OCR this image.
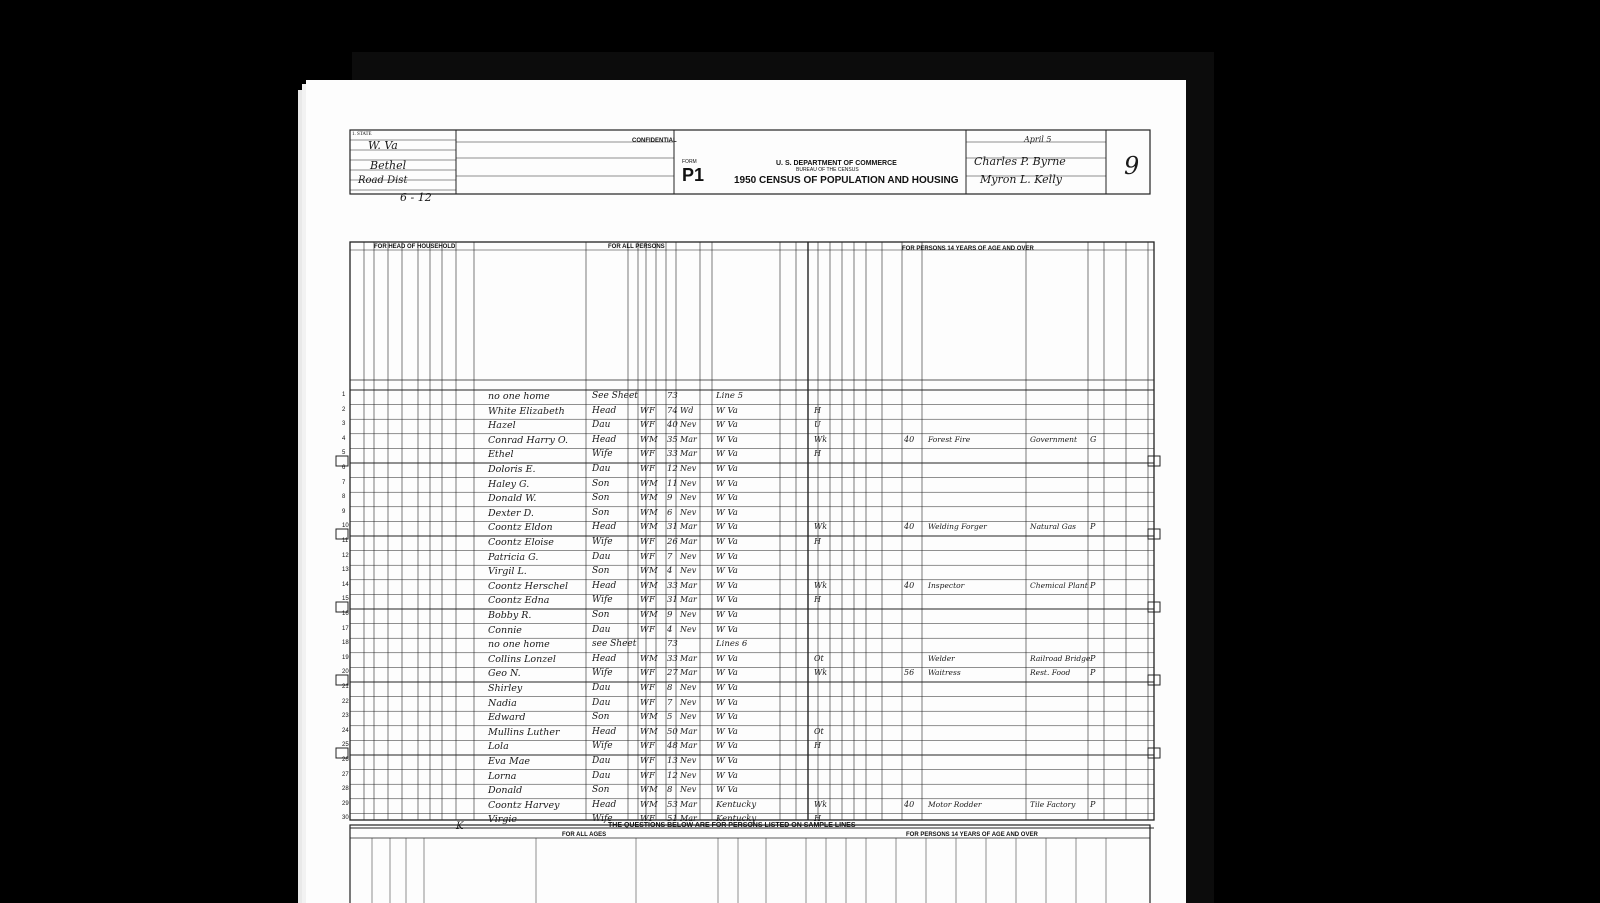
1. STATE
W. Va
Bethel
Road Dist
6 - 12
CONFIDENTIAL
FORM
P1
U. S. DEPARTMENT OF COMMERCE
BUREAU OF THE CENSUS
1950 CENSUS OF POPULATION AND HOUSING
April 5
Charles P. Byrne
Myron L. Kelly	9
FOR HEAD OF HOUSEHOLD	FOR ALL PERSONS	FOR PERSONS 14 YEARS OF AGE AND OVER
THE QUESTIONS BELOW ARE FOR PERSONS LISTED ON SAMPLE LINES
FOR ALL AGES	FOR PERSONS 14 YEARS OF AGE AND OVER
K
1	no one home	See Sheet	73	Line 5
2	White Elizabeth	Head	W F 74 Wd	W Va	H
3	Hazel	Dau	W F 40 Nev W Va	U
4	Conrad Harry O.	Head	W M 35 Mar W Va	Wk	40 Forest Fire	Government G
5	Ethel	Wife	W F 33 Mar W Va	H
6	Doloris E.	Dau	W F 12 Nev W Va
7	Haley G.	Son	W M 11 Nev W Va
8	Donald W.	Son	W M 9 Nev W Va
9	Dexter D.	Son	W M 6 Nev W Va
10	Coontz Eldon	Head	W M 31 Mar W Va	Wk	40 Welding Forger	Natural Gas P
11	Coontz Eloise	Wife	W F 26 Mar W Va	H
12	Patricia G.	Dau	W F 7 Nev W Va
13	Virgil L.	Son	W M 4 Nev W Va
14	Coontz Herschel	Head	W M 33 Mar W Va	Wk	40 Inspector	Chemical Plant P
15	Coontz Edna	Wife	W F 31 Mar W Va	H
16	Bobby R.	Son	W M 9 Nev W Va
17	Connie	Dau	W F 4 Nev W Va
18	no one home	see Sheet	73	Lines 6
19	Collins Lonzel	Head	W M 33 Mar W Va	Ot	Welder	Railroad Bridge P
20	Geo N.	Wife	W F 27 Mar W Va	Wk	56 Waitress	Rest. Food P
21	Shirley	Dau	W F 8 Nev W Va
22	Nadia	Dau	W F 7 Nev W Va
23	Edward	Son	W M 5 Nev W Va
24	Mullins Luther	Head	W M 50 Mar W Va	Ot
25	Lola	Wife	W F 48 Mar W Va	H
26	Eva Mae	Dau	W F 13 Nev W Va
27	Lorna	Dau	W F 12 Nev W Va
28	Donald	Son	W M 8 Nev W Va
29	Coontz Harvey	Head	W M 53 Mar Kentucky	Wk	40 Motor Rodder	Tile Factory P
30	Virgie	Wife	W F 51 Mar Kentucky	H
